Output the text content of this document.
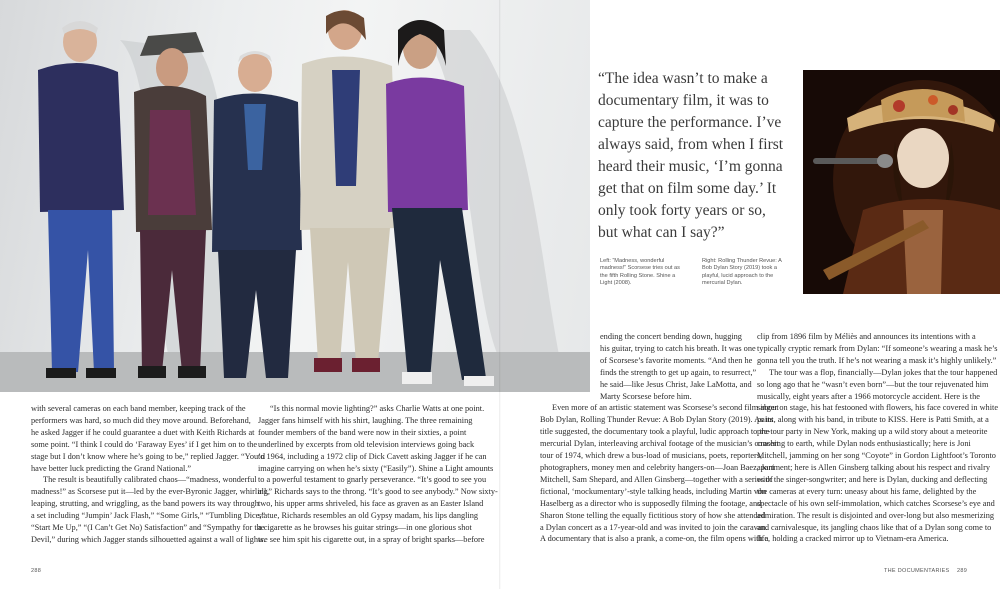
“The idea wasn’t to make a documentary film, it was to capture the performance. I’ve always said, from when I first heard their music, ‘I’m gonna get that on film some day.’ It only took forty years or so, but what can I say?”

Left: “Madness, wonderful madness!” Scorsese tries out as the fifth Rolling Stone. Shine a Light (2008).

Right: Rolling Thunder Revue: A Bob Dylan Story (2019) took a playful, lucid approach to the mercurial Dylan.

with several cameras on each band member, keeping track of the
performers was hard, so much did they move around. Beforehand,
he asked Jagger if he could guarantee a duet with Keith Richards at
some point. “I think I could do ‘Faraway Eyes’ if I get him on to the
stage but I don’t know where he’s going to be,” replied Jagger. “You’d
have better luck predicting the Grand National.”
The result is beautifully calibrated chaos—“madness, wonderful
madness!” as Scorsese put it—led by the ever-Byronic Jagger, whirling,
leaping, strutting, and wriggling, as the band powers its way through
a set including “Jumpin’ Jack Flash,” “Some Girls,” “Tumbling Dice,”
“Start Me Up,” “(I Can’t Get No) Satisfaction” and “Sympathy for the
Devil,” during which Jagger stands silhouetted against a wall of lights.
“Is this normal movie lighting?” asks Charlie Watts at one point.
Jagger fans himself with his shirt, laughing. The three remaining
founder members of the band were now in their sixties, a point
underlined by excerpts from old television interviews going back
to 1964, including a 1972 clip of Dick Cavett asking Jagger if he can
imagine carrying on when he’s sixty (“Easily”). Shine a Light amounts
to a powerful testament to gnarly perseverance. “It’s good to see you
all,” Richards says to the throng. “It’s good to see anybody.” Now sixty-
two, his upper arms shriveled, his face as graven as an Easter Island
statue, Richards resembles an old Gypsy madam, his lips dangling
a cigarette as he browses his guitar strings—in one glorious shot
we see him spit his cigarette out, in a spray of bright sparks—before
ending the concert bending down, hugging
his guitar, trying to catch his breath. It was one
of Scorsese’s favorite moments. “And then he
finds the strength to get up again, to resurrect,”
he said—like Jesus Christ, Jake LaMotta, and
Marty Scorsese before him.
Even more of an artistic statement was Scorsese’s second film about
Bob Dylan, Rolling Thunder Revue: A Bob Dylan Story (2019). As its
title suggested, the documentary took a playful, ludic approach to the
mercurial Dylan, interleaving archival footage of the musician’s concert
tour of 1974, which drew a bus-load of musicians, poets, reporters,
photographers, money men and celebrity hangers-on—Joan Baez, Joni
Mitchell, Sam Shepard, and Allen Ginsberg—together with a series of
fictional, ‘mockumentary’-style talking heads, including Martin von
Haselberg as a director who is supposedly filming the footage, and
Sharon Stone telling the equally fictitious story of how she attended
a Dylan concert as a 17-year-old and was invited to join the caravan.
A documentary that is also a prank, a come-on, the film opens with a
clip from 1896 film by Méliès and announces its intentions with a
typically cryptic remark from Dylan: “If someone’s wearing a mask he’s
gonna tell you the truth. If he’s not wearing a mask it’s highly unlikely.”
The tour was a flop, financially—Dylan jokes that the tour happened
so long ago that he “wasn’t even born”—but the tour rejuvenated him
musically, eight years after a 1966 motorcycle accident. Here is the
singer on stage, his hat festooned with flowers, his face covered in white
paint, along with his band, in tribute to KISS. Here is Patti Smith, at a
pre-tour party in New York, making up a wild story about a meteorite
crashing to earth, while Dylan nods enthusiastically; here is Joni
Mitchell, jamming on her song “Coyote” in Gordon Lightfoot’s Toronto
apartment; here is Allen Ginsberg talking about his respect and rivalry
with the singer-songwriter; and here is Dylan, ducking and deflecting
the cameras at every turn: uneasy about his fame, delighted by the
spectacle of his own self-immolation, which catches Scorsese’s eye and
admiration. The result is disjointed and over-long but also mesmerizing
and carnivalesque, its jangling chaos like that of a Dylan song come to
life, holding a cracked mirror up to Vietnam-era America.
288	THE DOCUMENTARIES 289
